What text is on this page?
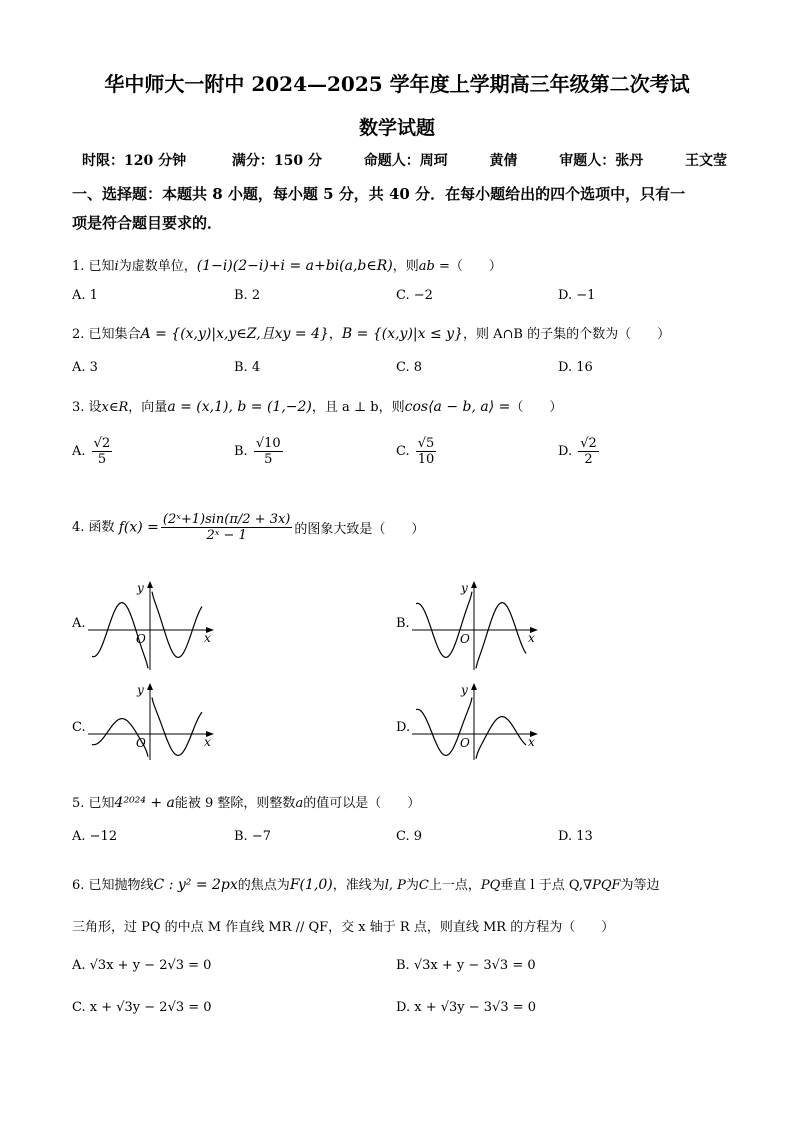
华中师大一附中 2024—2025 学年度上学期高三年级第二次考试
数学试题
时限：120 分钟	满分：150 分	命题人：周珂	黄倩	审题人：张丹	王文莹
一、选择题：本题共 8 小题，每小题 5 分，共 40 分．在每小题给出的四个选项中，只有一
项是符合题目要求的．
1. 已知i为虚数单位，(1−i)(2−i)+i = a+bi(a,b∈R)，则ab =（　　）
A. 1	B. 2	C. −2	D. −1
2. 已知集合A = {(x,y)|x,y∈Z,且xy = 4}，B = {(x,y)|x ≤ y}，则 A∩B 的子集的个数为（　　）
A. 3	B. 4	C. 8	D. 16
3. 设x∈R，向量a = (x,1), b = (1,−2)，且 a ⊥ b，则cos⟨a − b, a⟩ =（　　）
A. $\frac{√2}{5}$	B. $\frac{√10}{5}$	C. $\frac{√5}{10}$	D. $\frac{√2}{2}$
4. 函数 $f(x) = \frac{\text{(2ˣ+1)sin(π/2 + 3x)}}{\text{2ˣ − 1}}$ 的图象大致是（　　）
A.	B.
C.	D.
x
y
O	x
y
O
x
y
O	x
y
O
5. 已知4²⁰²⁴ + a能被 9 整除，则整数a的值可以是（　　）
A. −12	B. −7	C. 9	D. 13
6. 已知抛物线C : y² = 2px的焦点为F(1,0)，准线为l, P为C上一点，PQ垂直 l 于点 Q,∇PQF为等边
三角形，过 PQ 的中点 M 作直线 MR // QF，交 x 轴于 R 点，则直线 MR 的方程为（　　）
A. √3x + y − 2√3 = 0	B. √3x + y − 3√3 = 0
C. x + √3y − 2√3 = 0	D. x + √3y − 3√3 = 0
